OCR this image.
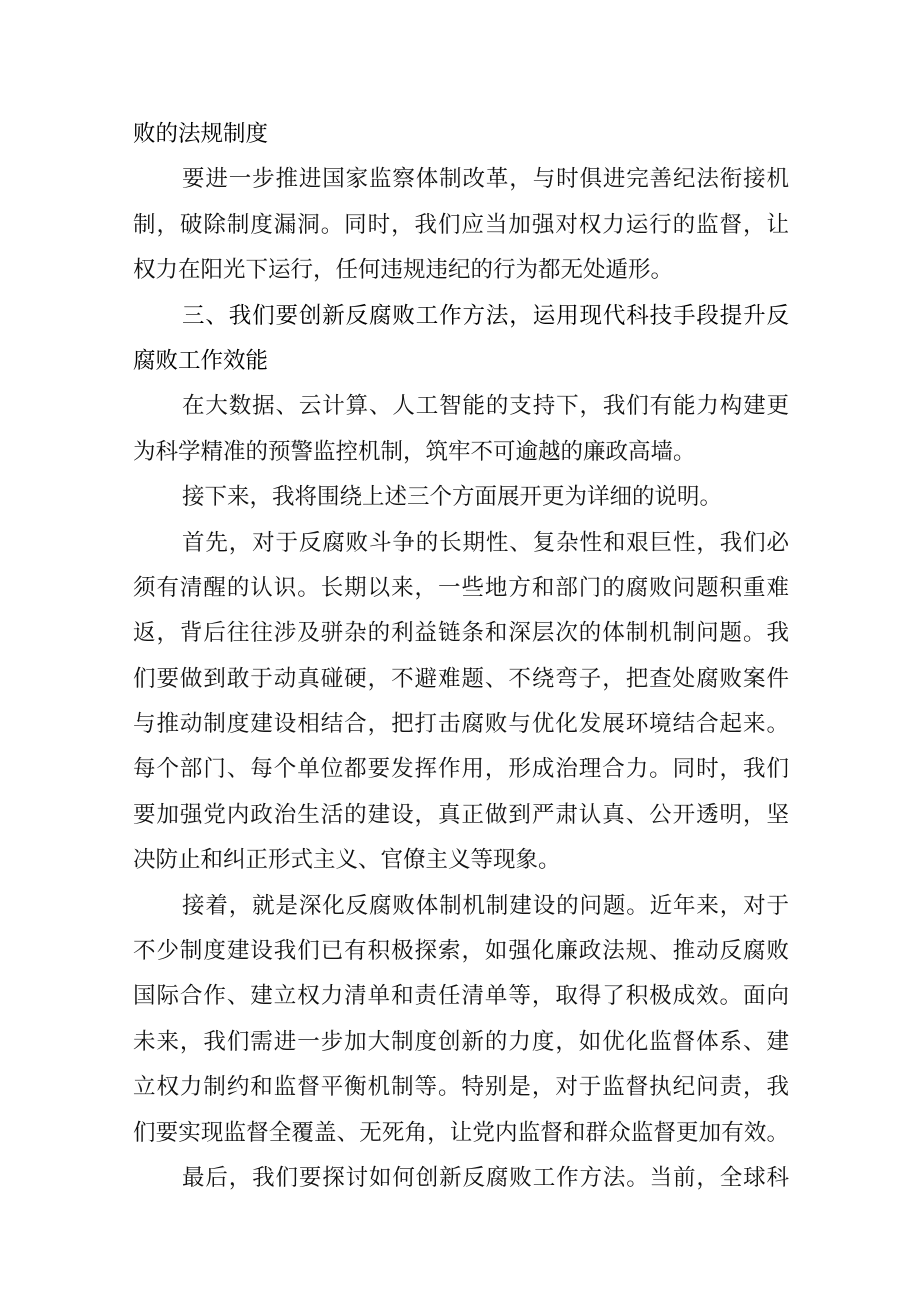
败的法规制度
要进一步推进国家监察体制改革，与时俱进完善纪法衔接机
制，破除制度漏洞。同时，我们应当加强对权力运行的监督，让
权力在阳光下运行，任何违规违纪的行为都无处遁形。
三、我们要创新反腐败工作方法，运用现代科技手段提升反
腐败工作效能
在大数据、云计算、人工智能的支持下，我们有能力构建更
为科学精准的预警监控机制，筑牢不可逾越的廉政高墙。
接下来，我将围绕上述三个方面展开更为详细的说明。
首先，对于反腐败斗争的长期性、复杂性和艰巨性，我们必
须有清醒的认识。长期以来，一些地方和部门的腐败问题积重难
返，背后往往涉及骈杂的利益链条和深层次的体制机制问题。我
们要做到敢于动真碰硬，不避难题、不绕弯子，把查处腐败案件
与推动制度建设相结合，把打击腐败与优化发展环境结合起来。
每个部门、每个单位都要发挥作用，形成治理合力。同时，我们
要加强党内政治生活的建设，真正做到严肃认真、公开透明，坚
决防止和纠正形式主义、官僚主义等现象。
接着，就是深化反腐败体制机制建设的问题。近年来，对于
不少制度建设我们已有积极探索，如强化廉政法规、推动反腐败
国际合作、建立权力清单和责任清单等，取得了积极成效。面向
未来，我们需进一步加大制度创新的力度，如优化监督体系、建
立权力制约和监督平衡机制等。特别是，对于监督执纪问责，我
们要实现监督全覆盖、无死角，让党内监督和群众监督更加有效。
最后，我们要探讨如何创新反腐败工作方法。当前，全球科
